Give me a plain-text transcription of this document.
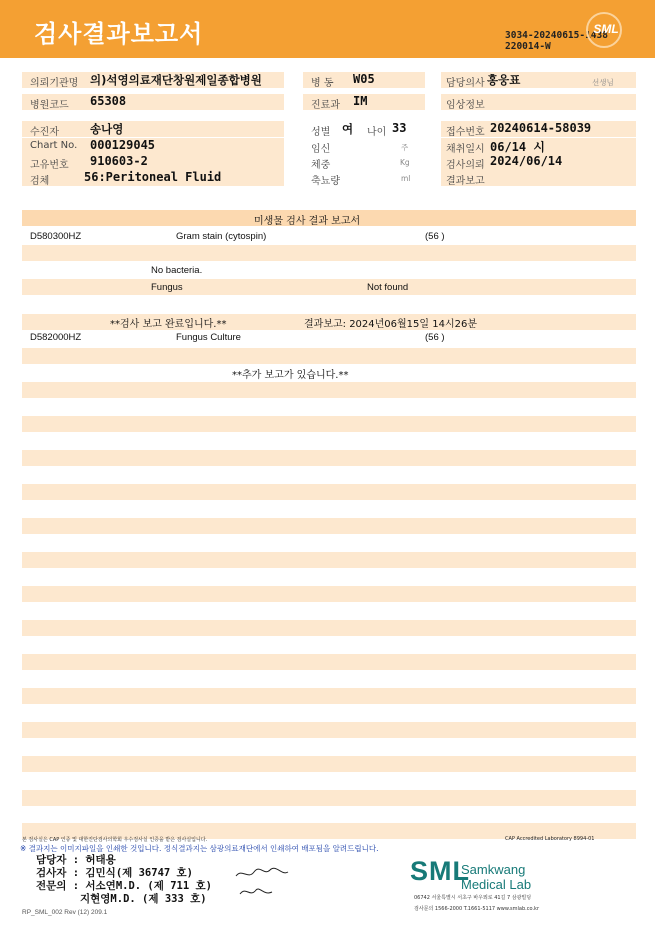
검사결과보고서	3034-20240615-1438
220014-W
SML
의뢰기관명 의)석영의료재단창원제일종합병원
병원코드 65308
병 동 W05
진료과 IM
담당의사 홍웅표	선생님
임상정보
수진자	송나영
Chart No. 000129045
고유번호 910603-2
검체	56:Peritoneal Fluid
성별 여 나이 33
임신	주
체중	Kg
축뇨량	ml
접수번호 20240614-58039
채취일시 06/14 시
검사의뢰 2024/06/14
결과보고
미생물 검사 결과 보고서
D580300HZ	Gram stain (cytospin)	(56 )
No bacteria.
Fungus	Not found
**검사 보고 완료입니다.**	결과보고: 2024년06월15일 14시26분
D582000HZ	Fungus Culture	(56 )
**추가 보고가 있습니다.**
본 검사실은 CAP 인증 및 대한진단검사의학회 우수검사실 인증을 받은 검사실입니다.	CAP Accredited Laboratory 8994-01
※ 결과지는 이미지파일을 인쇄한 것입니다. 정식결과지는 삼광의료재단에서 인쇄하여 배포됨을 알려드립니다.
담당자 : 허태용
검사자 : 김민식(제 36747 호)
전문의 : 서소연M.D. (제 711 호)
지현영M.D. (제 333 호)
SML
Samkwang
Medical Lab
06742 서울특별시 서초구 바우뫼로 41길 7 삼광빌딩
검사문의 1566-2000 T.1661-5117 www.smlab.co.kr
RP_SML_002 Rev (12) 209.1
